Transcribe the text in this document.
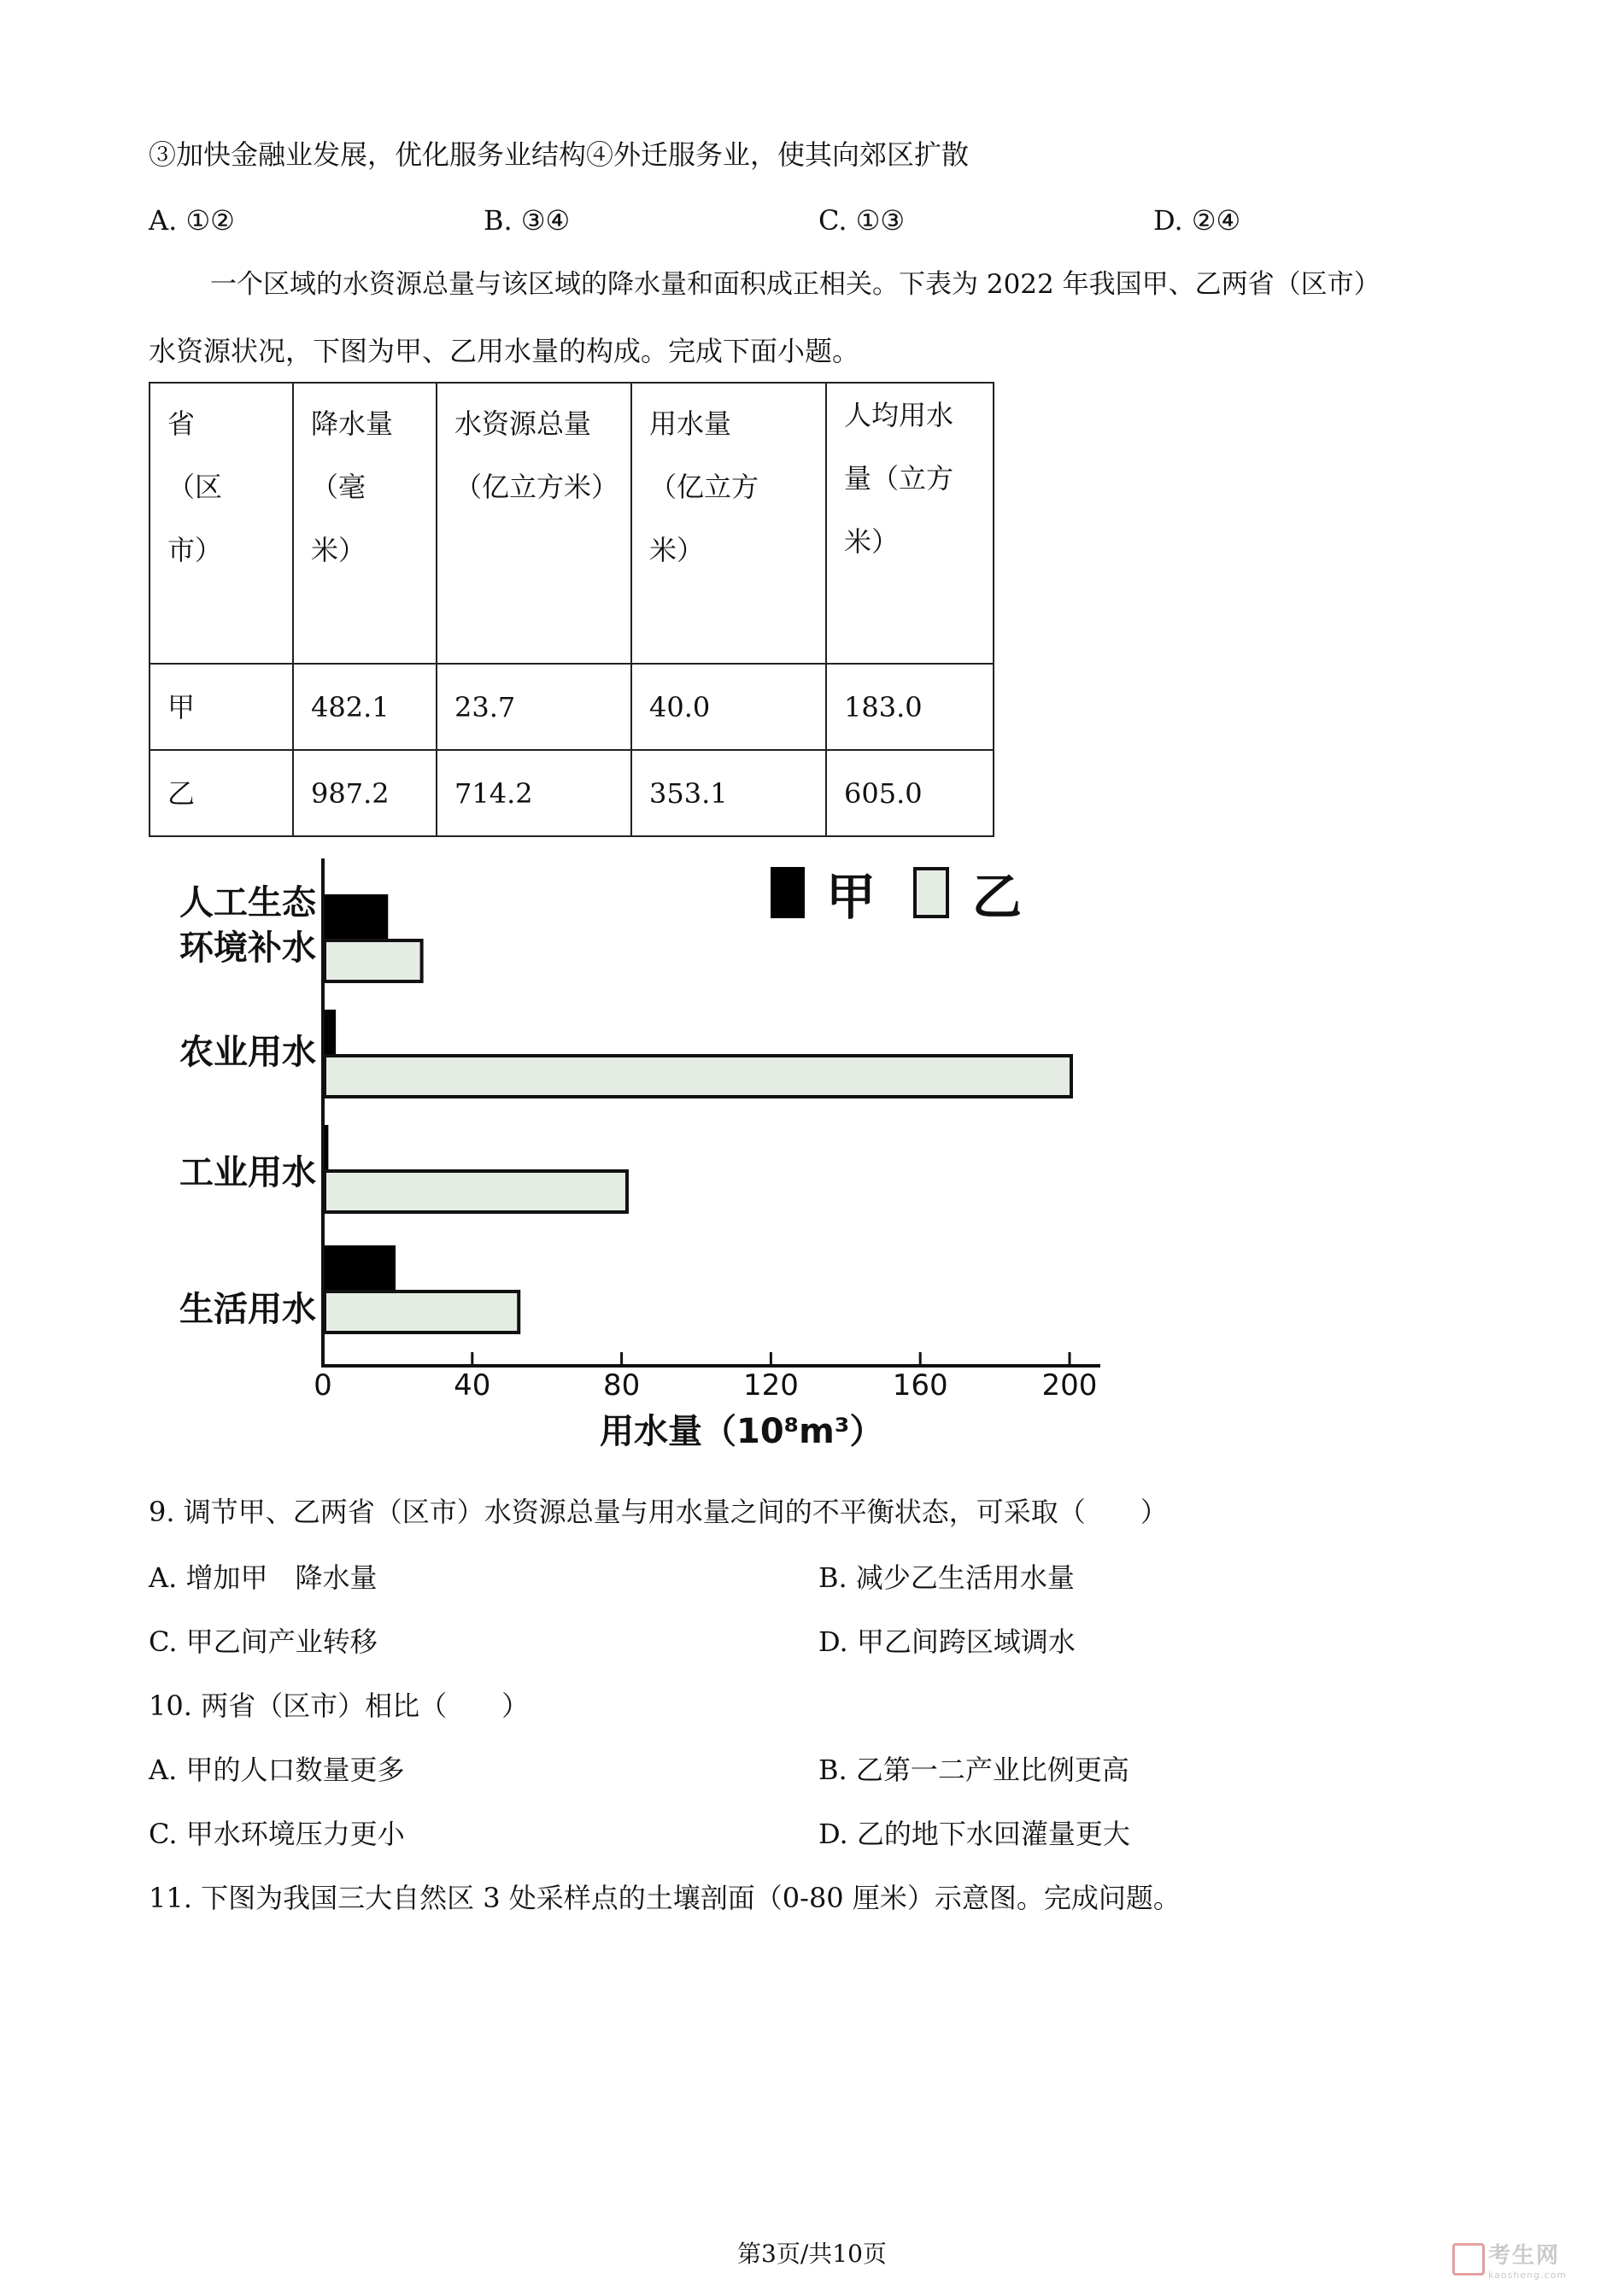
③加快金融业发展，优化服务业结构④外迁服务业，使其向郊区扩散
A. ①②	B. ③④	C. ①③	D. ②④
一个区域的水资源总量与该区域的降水量和面积成正相关。下表为 2022 年我国甲、乙两省（区市）
水资源状况，下图为甲、乙用水量的构成。完成下面小题。
省（区市）	降水量（毫米）	水资源总量（亿立方米）	用水量（亿立方米）	人均用水量（立方米）

甲	482.1	23.7	40.0	183.0
乙	987.2	714.2	353.1	605.0
甲 乙
人工生态
环境补水
农业用水
工业用水
生活用水
0	40	80	120	160	200
用水量（10⁸m³）
9. 调节甲、乙两省（区市）水资源总量与用水量之间的不平衡状态，可采取（　　）
A. 增加甲　降水量	B. 减少乙生活用水量
C. 甲乙间产业转移	D. 甲乙间跨区域调水
10. 两省（区市）相比（　　）
A. 甲的人口数量更多	B. 乙第一二产业比例更高
C. 甲水环境压力更小	D. 乙的地下水回灌量更大
11. 下图为我国三大自然区 3 处采样点的土壤剖面（0-80 厘米）示意图。完成问题。
第3页/共10页	考生网
kaosheng.com
